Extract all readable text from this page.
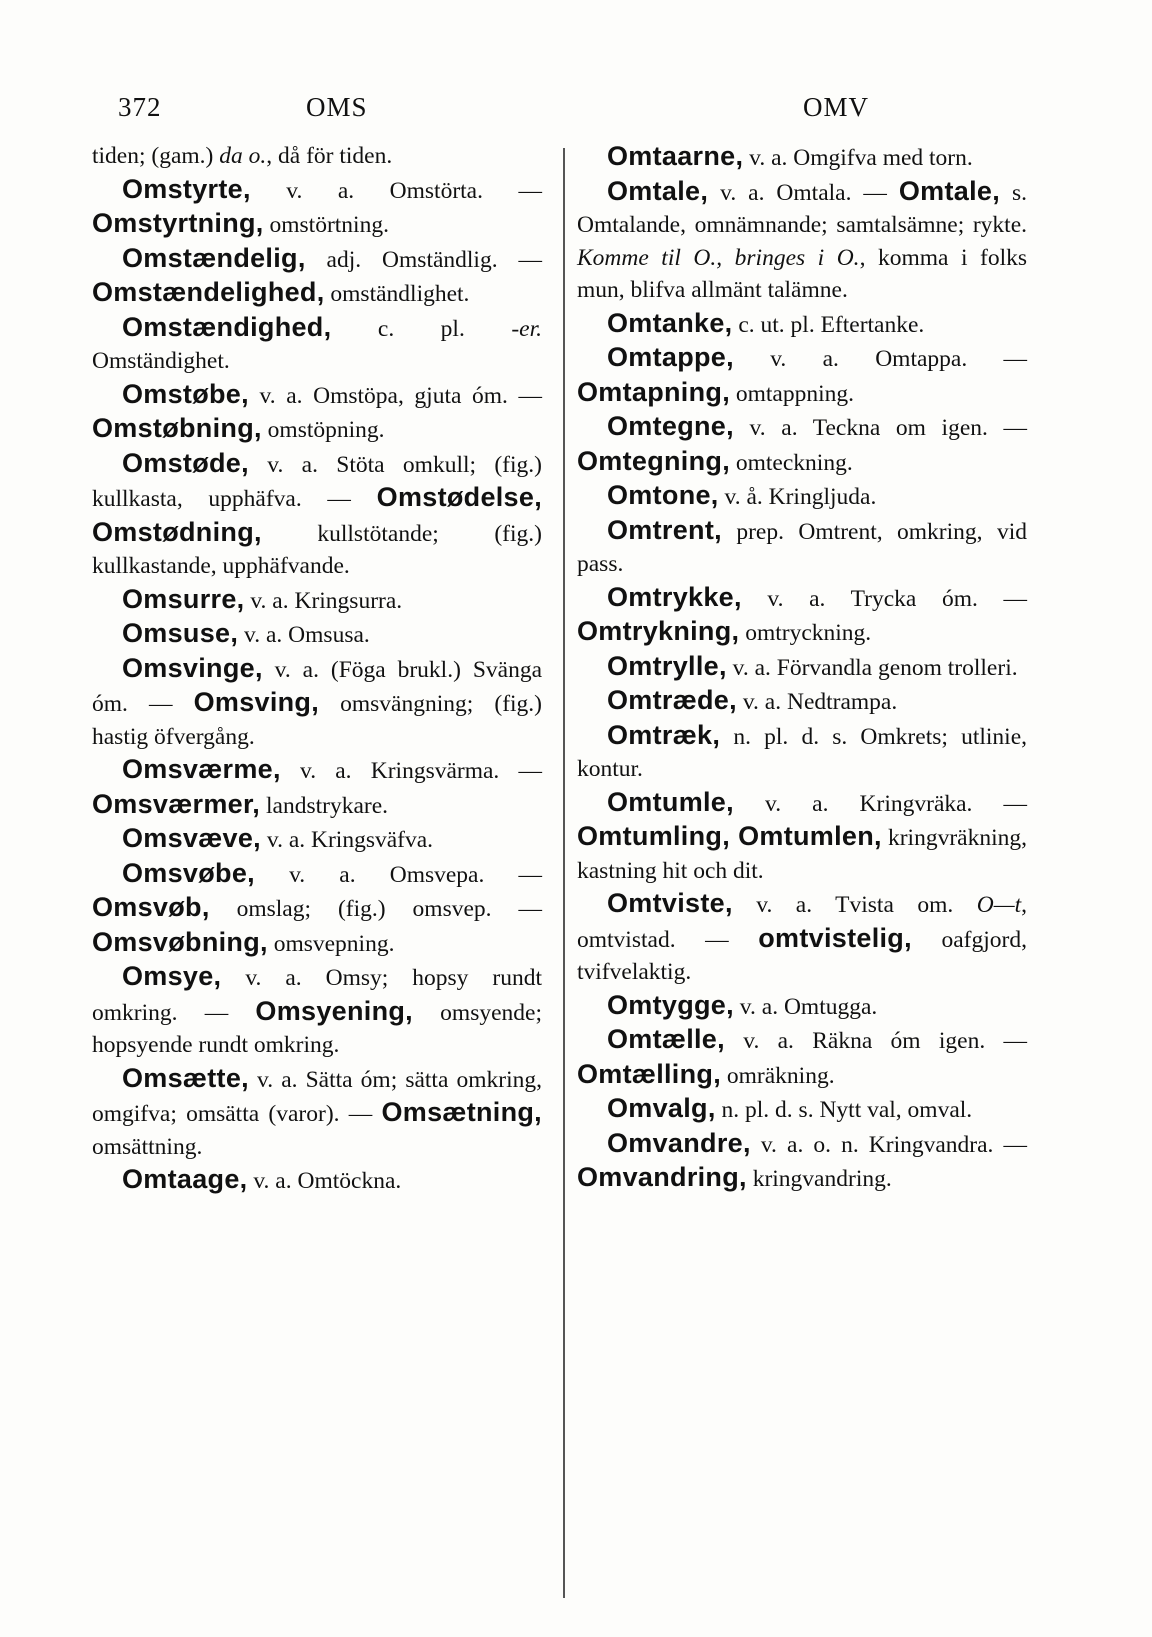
372	OMS	OMV

tiden; (gam.) da o., då för tiden.

Omstyrte, v. a. Omstörta. — Omstyrtning, omstörtning.

Omstændelig, adj. Omständlig. — Omstændelighed, omständlighet.

Omstændighed, c. pl. -er. Omständighet.

Omstøbe, v. a. Omstöpa, gjuta óm. — Omstøbning, omstöpning.

Omstøde, v. a. Stöta omkull; (fig.) kullkasta, upphäfva. — Omstødelse, Omstødning, kullstötande; (fig.) kullkastande, upphäfvande.

Omsurre, v. a. Kringsurra.

Omsuse, v. a. Omsusa.

Omsvinge, v. a. (Föga brukl.) Svänga óm. — Omsving, omsvängning; (fig.) hastig öfvergång.

Omsværme, v. a. Kringsvärma. — Omsværmer, landstrykare.

Omsvæve, v. a. Kringsväfva.

Omsvøbe, v. a. Omsvepa. — Omsvøb, omslag; (fig.) omsvep. — Omsvøbning, omsvepning.

Omsye, v. a. Omsy; hopsy rundt omkring. — Omsyening, omsyende; hopsyende rundt omkring.

Omsætte, v. a. Sätta óm; sätta omkring, omgifva; omsätta (varor). — Omsætning, omsättning.

Omtaage, v. a. Omtöckna.

Omtaarne, v. a. Omgifva med torn.

Omtale, v. a. Omtala. — Omtale, s. Omtalande, omnämnande; samtalsämne; rykte. Komme til O., bringes i O., komma i folks mun, blifva allmänt talämne.

Omtanke, c. ut. pl. Eftertanke.

Omtappe, v. a. Omtappa. — Omtapning, omtappning.

Omtegne, v. a. Teckna om igen. — Omtegning, omteckning.

Omtone, v. å. Kringljuda.

Omtrent, prep. Omtrent, omkring, vid pass.

Omtrykke, v. a. Trycka óm. — Omtrykning, omtryckning.

Omtrylle, v. a. Förvandla genom trolleri.

Omtræde, v. a. Nedtrampa.

Omtræk, n. pl. d. s. Omkrets; utlinie, kontur.

Omtumle, v. a. Kringvräka. — Omtumling, Omtumlen, kringvräkning, kastning hit och dit.

Omtviste, v. a. Tvista om. O—t, omtvistad. — omtvistelig, oafgjord, tvifvelaktig.

Omtygge, v. a. Omtugga.

Omtælle, v. a. Räkna óm igen. — Omtælling, omräkning.

Omvalg, n. pl. d. s. Nytt val, omval.

Omvandre, v. a. o. n. Kringvandra. — Omvandring, kringvandring.
